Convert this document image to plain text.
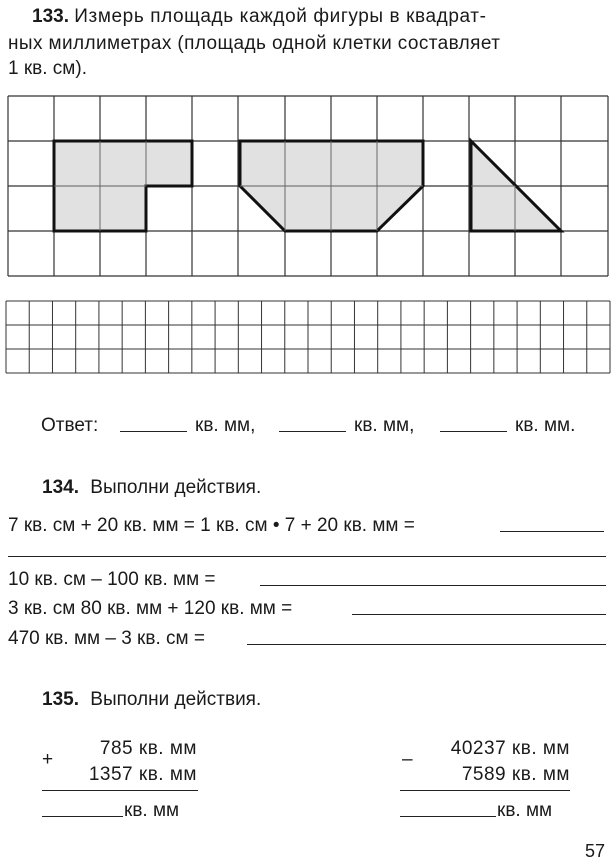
133. Измерь площадь каждой фигуры в квадрат-
ных миллиметрах (площадь одной клетки составляет
1 кв. см).
Ответ:	кв. мм,	кв. мм,	кв. мм.
134. Выполни действия.
7 кв. см + 20 кв. мм = 1 кв. см • 7 + 20 кв. мм =
10 кв. см – 100 кв. мм =
3 кв. см 80 кв. мм + 120 кв. мм =
470 кв. мм – 3 кв. см =
135. Выполни действия.
+
785 кв. мм
1357 кв. мм
кв. мм
–
40237 кв. мм
7589 кв. мм
кв. мм
57
